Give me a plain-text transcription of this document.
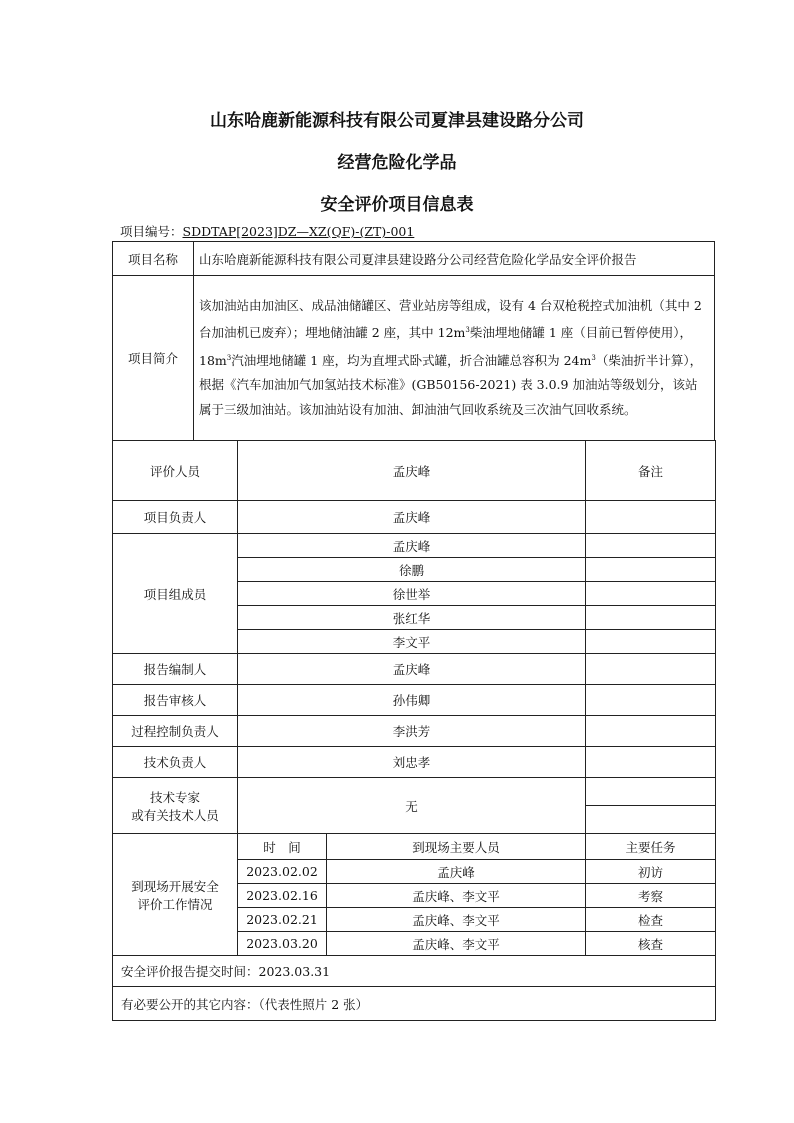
山东哈鹿新能源科技有限公司夏津县建设路分公司
经营危险化学品
安全评价项目信息表
项目编号：SDDTAP[2023]DZ—XZ(QF)-(ZT)-001
项目名称	山东哈鹿新能源科技有限公司夏津县建设路分公司经营危险化学品安全评价报告
项目简介	该加油站由加油区、成品油储罐区、营业站房等组成，设有 4 台双枪税控式加油机（其中 2 台加油机已废弃）；埋地储油罐 2 座，其中 $12m^3$柴油埋地储罐 1 座（目前已暂停使用），$18m^3$汽油埋地储罐 1 座，均为直埋式卧式罐，折合油罐总容积为 $24m^3$（柴油折半计算），根据《汽车加油加气加氢站技术标准》(GB50156-2021) 表 3.0.9 加油站等级划分，该站属于三级加油站。该加油站设有加油、卸油油气回收系统及三次油气回收系统。
评价人员	孟庆峰		备注
项目负责人	孟庆峰		
项目组成员	孟庆峰		
	徐鹏		
	徐世举		
	张红华		
	李文平		
报告编制人	孟庆峰		
报告审核人	孙伟卿		
过程控制负责人	李洪芳		
技术负责人	刘忠孝		
技术专家
或有关技术人员	无		

到现场开展安全
评价工作情况	时　间	到现场主要人员	主要任务
	2023.02.02	孟庆峰	初访
	2023.02.16	孟庆峰、李文平	考察
	2023.02.21	孟庆峰、李文平	检查
	2023.03.20	孟庆峰、李文平	核查
安全评价报告提交时间：2023.03.31			
有必要公开的其它内容：（代表性照片 2 张）			
